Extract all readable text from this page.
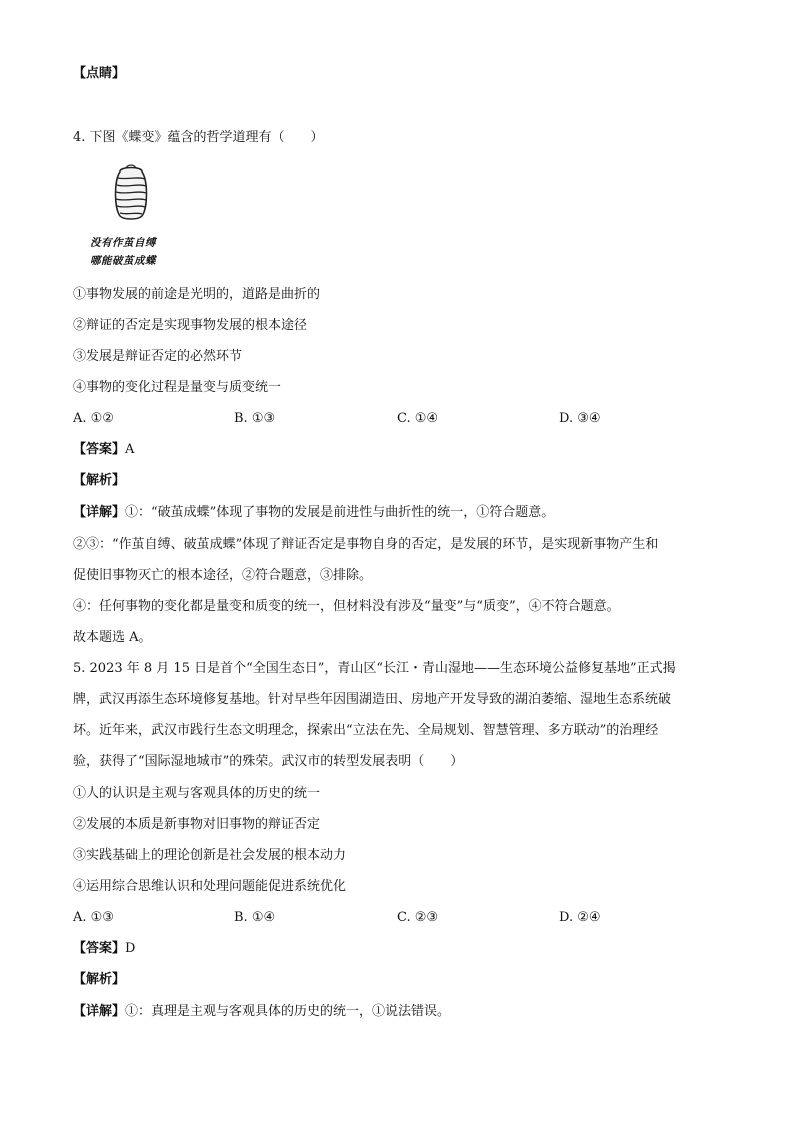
【点睛】
4. 下图《蝶变》蕴含的哲学道理有（　　）
没有作茧自缚
哪能破茧成蝶
①事物发展的前途是光明的，道路是曲折的
②辩证的否定是实现事物发展的根本途径
③发展是辩证否定的必然环节
④事物的变化过程是量变与质变统一
A. ①②	B. ①③	C. ①④	D. ③④
【答案】A
【解析】
【详解】①：“破茧成蝶”体现了事物的发展是前进性与曲折性的统一，①符合题意。
②③：“作茧自缚、破茧成蝶”体现了辩证否定是事物自身的否定，是发展的环节，是实现新事物产生和
促使旧事物灭亡的根本途径，②符合题意，③排除。
④：任何事物的变化都是量变和质变的统一，但材料没有涉及“量变”与“质变”，④不符合题意。
故本题选 A。
5. 2023 年 8 月 15 日是首个“全国生态日”，青山区“长江・青山湿地——生态环境公益修复基地”正式揭
牌，武汉再添生态环境修复基地。针对早些年因围湖造田、房地产开发导致的湖泊萎缩、湿地生态系统破
坏。近年来，武汉市践行生态文明理念，探索出“立法在先、全局规划、智慧管理、多方联动”的治理经
验，获得了“国际湿地城市”的殊荣。武汉市的转型发展表明（　　）
①人的认识是主观与客观具体的历史的统一
②发展的本质是新事物对旧事物的辩证否定
③实践基础上的理论创新是社会发展的根本动力
④运用综合思维认识和处理问题能促进系统优化
A. ①③	B. ①④	C. ②③	D. ②④
【答案】D
【解析】
【详解】①：真理是主观与客观具体的历史的统一，①说法错误。
